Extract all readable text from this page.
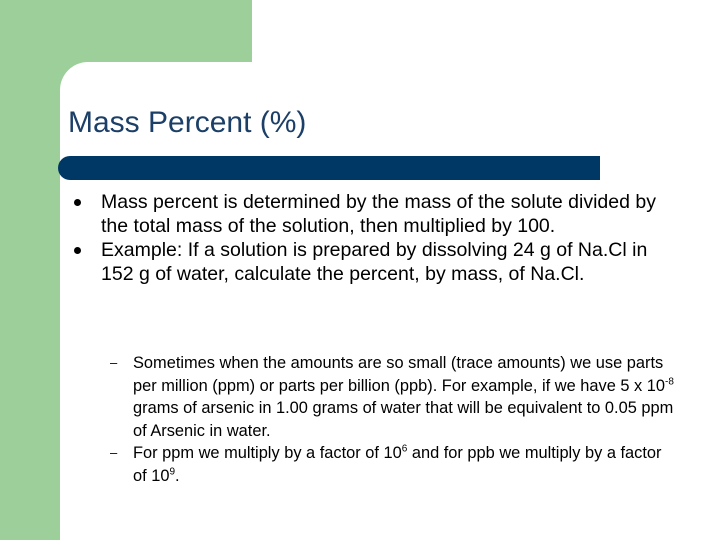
Mass Percent (%)
Mass percent is determined by the mass of the solute divided by the total mass of the solution, then multiplied by 100.
Example: If a solution is prepared by dissolving 24 g of Na.Cl in 152 g of water, calculate the percent, by mass, of Na.Cl.
– Sometimes when the amounts are so small (trace amounts) we use parts per million (ppm) or parts per billion (ppb). For example, if we have 5 x $10^{-8}$ grams of arsenic in 1.00 grams of water that will be equivalent to 0.05 ppm of Arsenic in water.
– For ppm we multiply by a factor of $10^6$ and for ppb we multiply by a factor of $10^9$.
